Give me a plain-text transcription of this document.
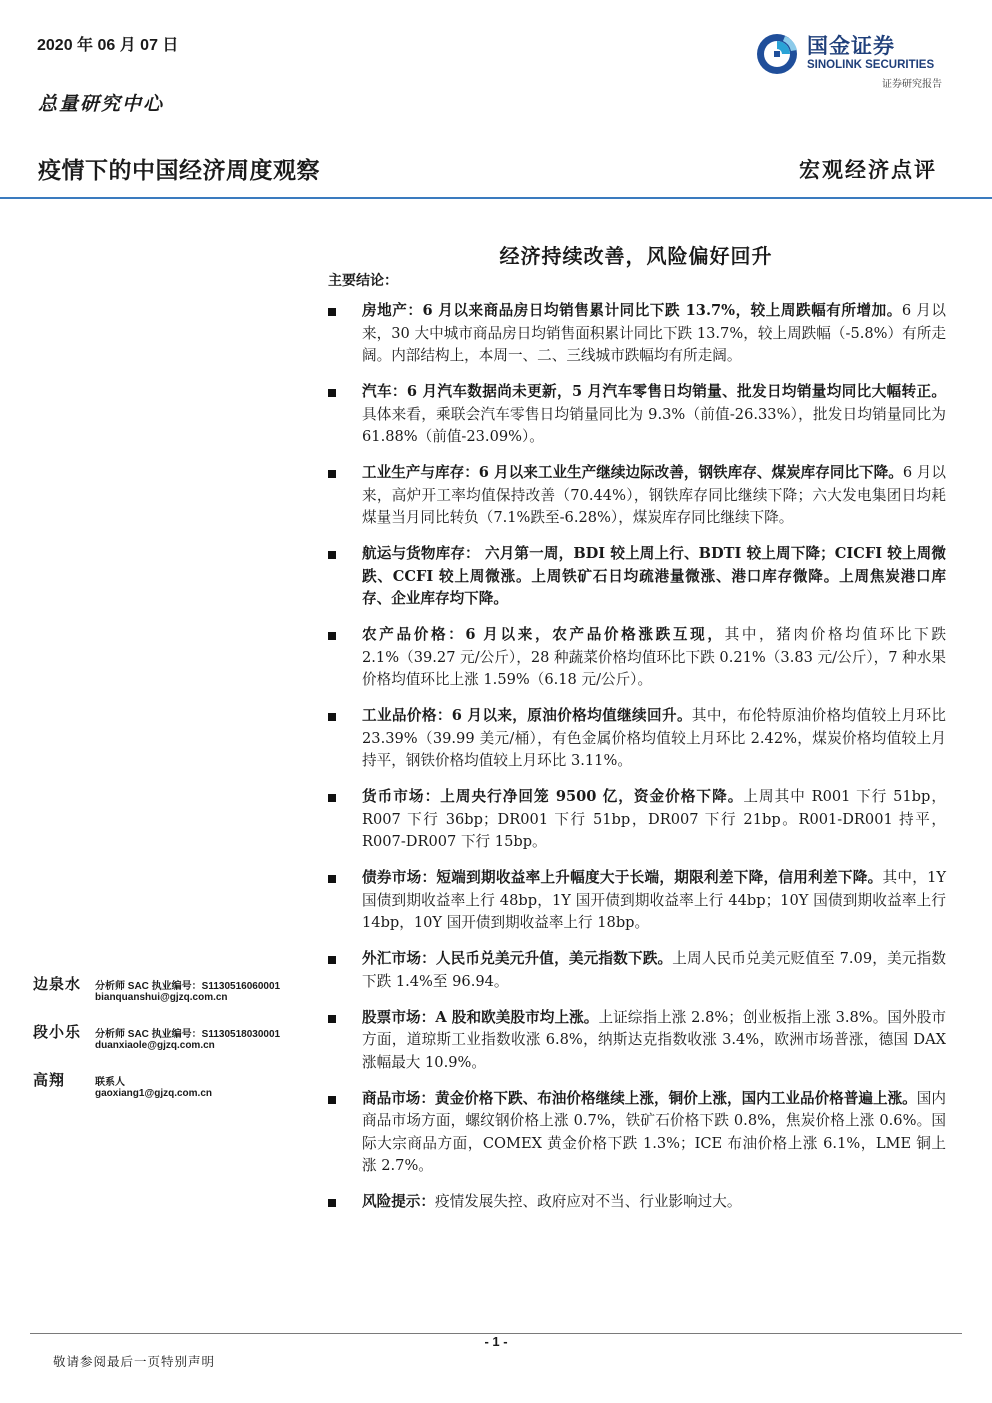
2020 年 06 月 07 日
总量研究中心
国金证券
SINOLINK SECURITIES
证券研究报告
疫情下的中国经济周度观察	宏观经济点评
经济持续改善，风险偏好回升
主要结论：
房地产：6 月以来商品房日均销售累计同比下跌 13.7%，较上周跌幅有所增加。6 月以来，30 大中城市商品房日均销售面积累计同比下跌 13.7%，较上周跌幅（-5.8%）有所走阔。内部结构上，本周一、二、三线城市跌幅均有所走阔。
汽车：6 月汽车数据尚未更新，5 月汽车零售日均销量、批发日均销量均同比大幅转正。具体来看，乘联会汽车零售日均销量同比为 9.3%（前值-26.33%），批发日均销量同比为 61.88%（前值-23.09%）。
工业生产与库存：6 月以来工业生产继续边际改善，钢铁库存、煤炭库存同比下降。6 月以来，高炉开工率均值保持改善（70.44%），钢铁库存同比继续下降；六大发电集团日均耗煤量当月同比转负（7.1%跌至-6.28%），煤炭库存同比继续下降。
航运与货物库存： 六月第一周，BDI 较上周上行、BDTI 较上周下降；CICFI 较上周微跌、CCFI 较上周微涨。上周铁矿石日均疏港量微涨、港口库存微降。上周焦炭港口库存、企业库存均下降。
农产品价格：6 月以来，农产品价格涨跌互现，其中，猪肉价格均值环比下跌 2.1%（39.27 元/公斤），28 种蔬菜价格均值环比下跌 0.21%（3.83 元/公斤），7 种水果价格均值环比上涨 1.59%（6.18 元/公斤）。
工业品价格：6 月以来，原油价格均值继续回升。其中，布伦特原油价格均值较上月环比 23.39%（39.99 美元/桶），有色金属价格均值较上月环比 2.42%，煤炭价格均值较上月持平，钢铁价格均值较上月环比 3.11%。
货币市场：上周央行净回笼 9500 亿，资金价格下降。上周其中 R001 下行 51bp，R007 下行 36bp；DR001 下行 51bp，DR007 下行 21bp。R001-DR001 持平，R007-DR007 下行 15bp。
债券市场：短端到期收益率上升幅度大于长端，期限利差下降，信用利差下降。其中，1Y 国债到期收益率上行 48bp，1Y 国开债到期收益率上行 44bp；10Y 国债到期收益率上行 14bp，10Y 国开债到期收益率上行 18bp。
外汇市场：人民币兑美元升值，美元指数下跌。上周人民币兑美元贬值至 7.09，美元指数下跌 1.4%至 96.94。
股票市场：A 股和欧美股市均上涨。上证综指上涨 2.8%；创业板指上涨 3.8%。国外股市方面，道琼斯工业指数收涨 6.8%，纳斯达克指数收涨 3.4%，欧洲市场普涨，德国 DAX 涨幅最大 10.9%。
商品市场：黄金价格下跌、布油价格继续上涨，铜价上涨，国内工业品价格普遍上涨。国内商品市场方面，螺纹钢价格上涨 0.7%，铁矿石价格下跌 0.8%，焦炭价格上涨 0.6%。国际大宗商品方面，COMEX 黄金价格下跌 1.3%；ICE 布油价格上涨 6.1%，LME 铜上涨 2.7%。
风险提示：疫情发展失控、政府应对不当、行业影响过大。
边泉水 分析师 SAC 执业编号：S1130516060001
bianquanshui@gjzq.com.cn
段小乐 分析师 SAC 执业编号：S1130518030001
duanxiaole@gjzq.com.cn
高翔	联系人
gaoxiang1@gjzq.com.cn
- 1 -
敬请参阅最后一页特别声明
